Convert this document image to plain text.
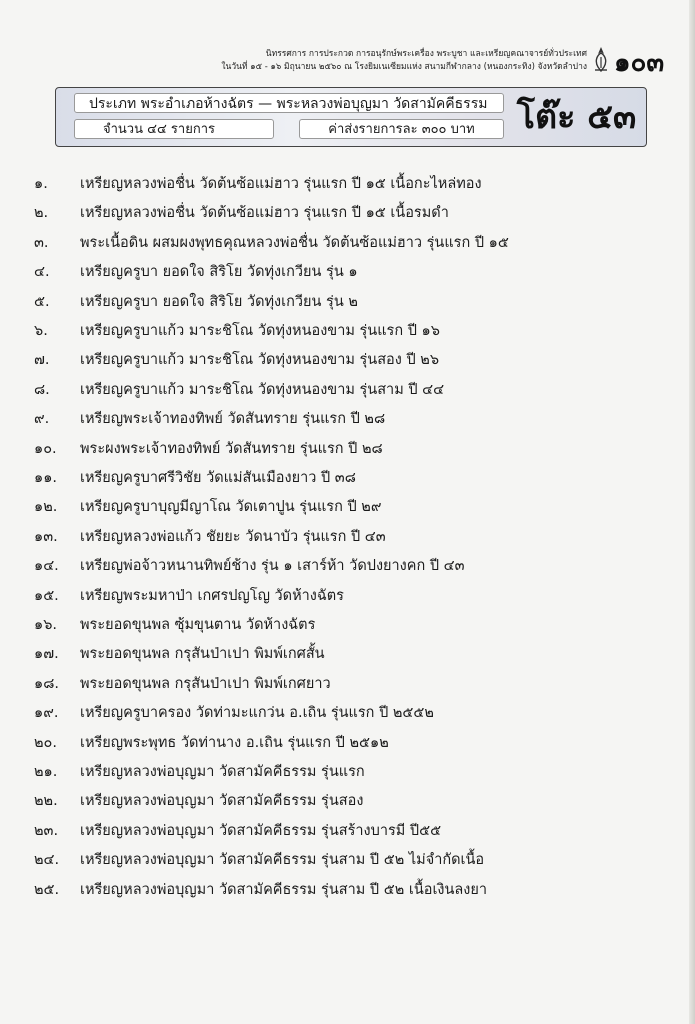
นิทรรศการ การประกวด การอนุรักษ์พระเครื่อง พระบูชา และเหรียญคณาจารย์ทั่วประเทศ
ในวันที่ ๑๕ - ๑๖ มิถุนายน ๒๕๖๐ ณ โรงยิมเนเซียมแห่ง สนามกีฬากลาง (หนองกระทิง) จังหวัดลำปาง ๑๐๓
ประเภท พระอำเภอห้างฉัตร — พระหลวงพ่อบุญมา วัดสามัคคีธรรม
จำนวน ๔๔ รายการ	ค่าส่งรายการละ ๓๐๐ บาท	โต๊ะ ๕๓
๑.	เหรียญหลวงพ่อชื่น วัดต้นซ้อแม่ฮาว รุ่นแรก ปี ๑๕ เนื้อกะไหล่ทอง
๒.	เหรียญหลวงพ่อชื่น วัดต้นซ้อแม่ฮาว รุ่นแรก ปี ๑๕ เนื้อรมดำ
๓.	พระเนื้อดิน ผสมผงพุทธคุณหลวงพ่อชื่น วัดต้นซ้อแม่ฮาว รุ่นแรก ปี ๑๕
๔.	เหรียญครูบา ยอดใจ สิริโย วัดทุ่งเกวียน รุ่น ๑
๕.	เหรียญครูบา ยอดใจ สิริโย วัดทุ่งเกวียน รุ่น ๒
๖.	เหรียญครูบาแก้ว มาระชิโณ วัดทุ่งหนองขาม รุ่นแรก ปี ๑๖
๗.	เหรียญครูบาแก้ว มาระชิโณ วัดทุ่งหนองขาม รุ่นสอง ปี ๒๖
๘.	เหรียญครูบาแก้ว มาระชิโณ วัดทุ่งหนองขาม รุ่นสาม ปี ๔๔
๙.	เหรียญพระเจ้าทองทิพย์ วัดสันทราย รุ่นแรก ปี ๒๘
๑๐.	พระผงพระเจ้าทองทิพย์ วัดสันทราย รุ่นแรก ปี ๒๘
๑๑.	เหรียญครูบาศรีวิชัย วัดแม่สันเมืองยาว ปี ๓๘
๑๒.	เหรียญครูบาบุญมีญาโณ วัดเตาปูน รุ่นแรก ปี ๒๙
๑๓.	เหรียญหลวงพ่อแก้ว ชัยยะ วัดนาบัว รุ่นแรก ปี ๔๓
๑๔.	เหรียญพ่อจ้าวหนานทิพย์ช้าง รุ่น ๑ เสาร์ห้า วัดปงยางคก ปี ๔๓
๑๕.	เหรียญพระมหาป่า เกศรปญโญ วัดห้างฉัตร
๑๖.	พระยอดขุนพล ซุ้มขุนตาน วัดห้างฉัตร
๑๗.	พระยอดขุนพล กรุสันป่าเปา พิมพ์เกศสั้น
๑๘.	พระยอดขุนพล กรุสันป่าเปา พิมพ์เกศยาว
๑๙.	เหรียญครูบาครอง วัดท่ามะแกว่น อ.เถิน รุ่นแรก ปี ๒๕๕๒
๒๐.	เหรียญพระพุทธ วัดท่านาง อ.เถิน รุ่นแรก ปี ๒๕๑๒
๒๑.	เหรียญหลวงพ่อบุญมา วัดสามัคคีธรรม รุ่นแรก
๒๒.	เหรียญหลวงพ่อบุญมา วัดสามัคคีธรรม รุ่นสอง
๒๓.	เหรียญหลวงพ่อบุญมา วัดสามัคคีธรรม รุ่นสร้างบารมี ปี๕๕
๒๔.	เหรียญหลวงพ่อบุญมา วัดสามัคคีธรรม รุ่นสาม ปี ๕๒ ไม่จำกัดเนื้อ
๒๕.	เหรียญหลวงพ่อบุญมา วัดสามัคคีธรรม รุ่นสาม ปี ๕๒ เนื้อเงินลงยา
